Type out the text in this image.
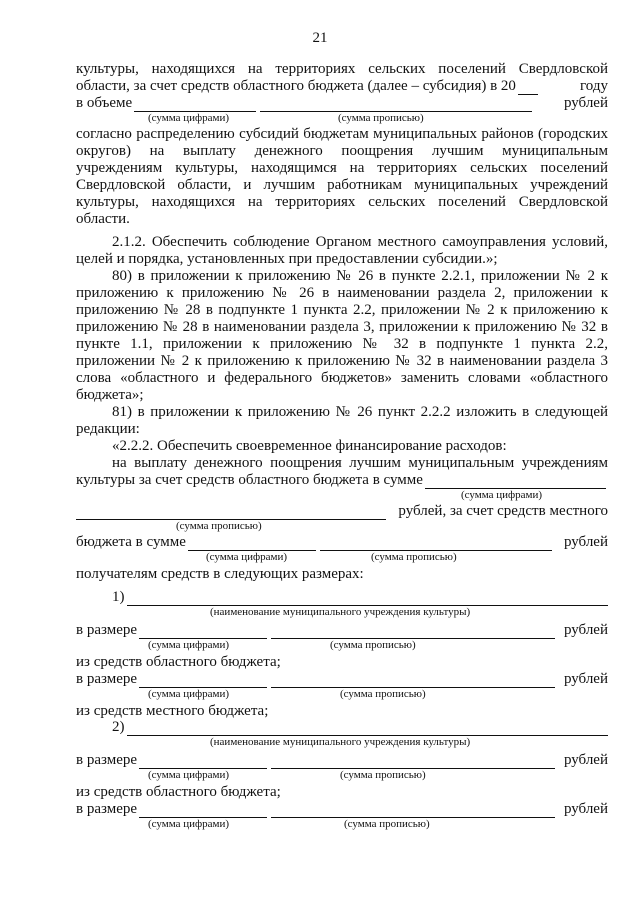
21

культуры, находящихся на территориях сельских поселений Свердловской

области, за счет средств областного бюджета (далее – субсидия) в 20	году
в объеме	рублей
(сумма цифрами)	(сумма прописью)

согласно распределению субсидий бюджетам муниципальных районов (городских округов) на выплату денежного поощрения лучшим муниципальным учреждениям культуры, находящимся на территориях сельских поселений Свердловской области, и лучшим работникам муниципальных учреждений культуры, находящихся на территориях сельских поселений Свердловской области.

2.1.2. Обеспечить соблюдение Органом местного самоуправления условий, целей и порядка, установленных при предоставлении субсидии.»;

80) в приложении к приложению № 26 в пункте 2.2.1, приложении № 2 к приложению к приложению № 26 в наименовании раздела 2, приложении к приложению № 28 в подпункте 1 пункта 2.2, приложении № 2 к приложению к приложению № 28 в наименовании раздела 3, приложении к приложению № 32 в пункте 1.1, приложении к приложению № 32 в подпункте 1 пункта 2.2, приложении № 2 к приложению к приложению № 32 в наименовании раздела 3 слова «областного и федерального бюджетов» заменить словами «областного бюджета»;

81) в приложении к приложению № 26 пункт 2.2.2 изложить в следующей редакции:

«2.2.2. Обеспечить своевременное финансирование расходов:

на выплату денежного поощрения лучшим муниципальным учреждениям

культуры за счет средств областного бюджета в сумме
(сумма цифрами)
рублей, за счет средств местного
(сумма прописью)
бюджета в сумме	рублей
(сумма цифрами)	(сумма прописью)

получателям средств в следующих размерах:

1)
(наименование муниципального учреждения культуры)
в размере	рублей
(сумма цифрами)	(сумма прописью)

из средств областного бюджета;

в размере	рублей
(сумма цифрами)	(сумма прописью)

из средств местного бюджета;

2)
(наименование муниципального учреждения культуры)
в размере	рублей
(сумма цифрами)	(сумма прописью)

из средств областного бюджета;

в размере	рублей
(сумма цифрами)	(сумма прописью)
